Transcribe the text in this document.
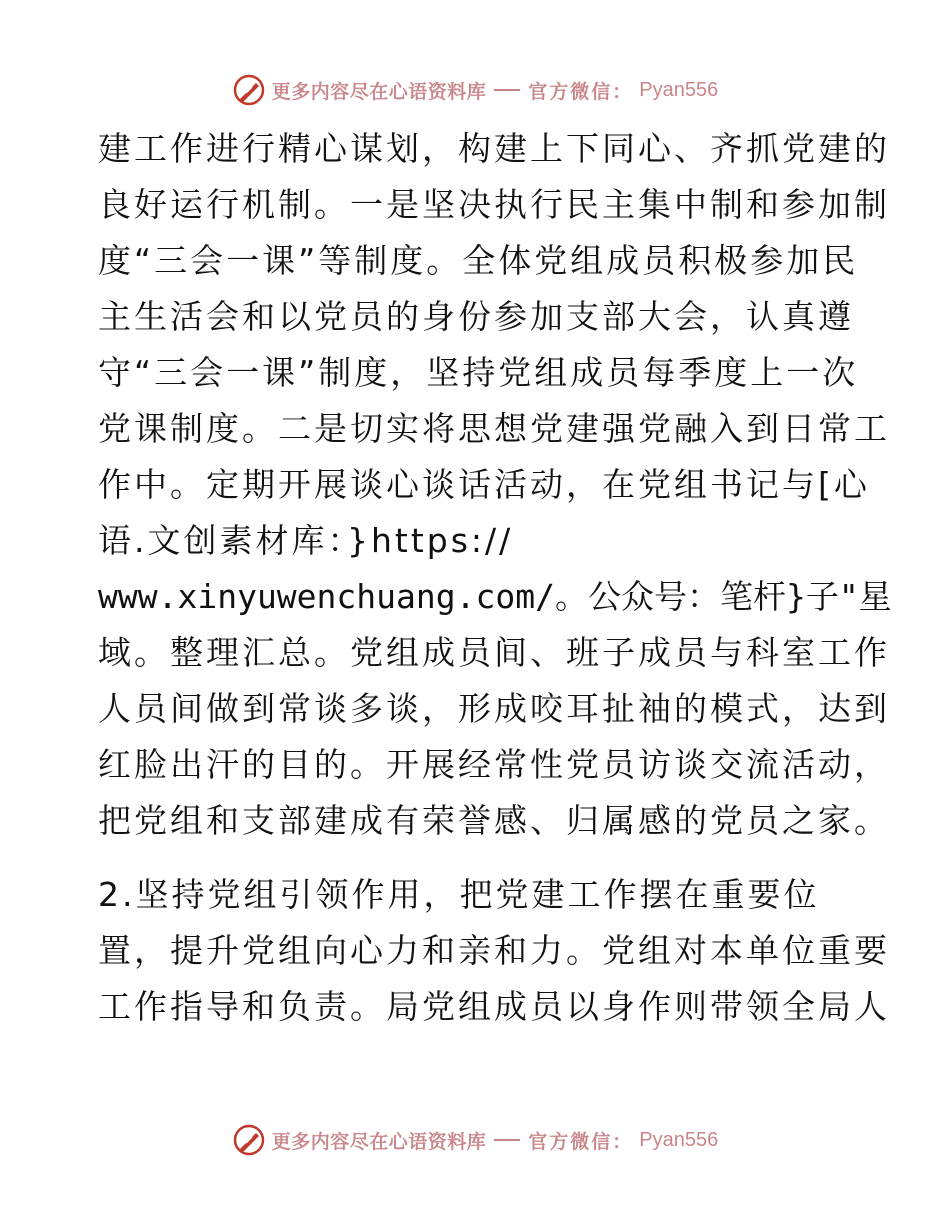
更多内容尽在心语资料库 官方微信： Pyan556
建工作进行精心谋划，构建上下同心、齐抓党建的
良好运行机制。一是坚决执行民主集中制和参加制
度“三会一课”等制度。全体党组成员积极参加民
主生活会和以党员的身份参加支部大会，认真遵
守“三会一课”制度，坚持党组成员每季度上一次
党课制度。二是切实将思想党建强党融入到日常工
作中。定期开展谈心谈话活动，在党组书记与[心
语.文创素材库：}https://
www.xinyuwenchuang.com/。公众号：笔杆}子"星
域。整理汇总。党组成员间、班子成员与科室工作
人员间做到常谈多谈，形成咬耳扯袖的模式，达到
红脸出汗的目的。开展经常性党员访谈交流活动，
把党组和支部建成有荣誉感、归属感的党员之家。
2.坚持党组引领作用，把党建工作摆在重要位
置，提升党组向心力和亲和力。党组对本单位重要
工作指导和负责。局党组成员以身作则带领全局人
更多内容尽在心语资料库 官方微信： Pyan556
